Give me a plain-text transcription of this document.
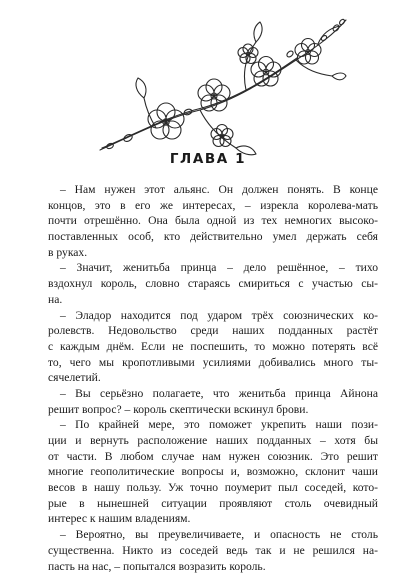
ГЛАВА 1
– Нам нужен этот альянс. Он должен понять. В конце
концов, это в его же интересах, – изрекла королева-мать
почти отрешённо. Она была одной из тех немногих высоко-
поставленных особ, кто действительно умел держать себя
в руках.
– Значит, женитьба принца – дело решённое, – тихо
вздохнул король, словно стараясь смириться с участью сы-
на.
– Эладор находится под ударом трёх союзнических ко-
ролевств. Недовольство среди наших подданных растёт
с каждым днём. Если не поспешить, то можно потерять всё
то, чего мы кропотливыми усилиями добивались много ты-
сячелетий.
– Вы серьёзно полагаете, что женитьба принца Айнона
решит вопрос? – король скептически вскинул брови.
– По крайней мере, это поможет укрепить наши пози-
ции и вернуть расположение наших подданных – хотя бы
от части. В любом случае нам нужен союзник. Это решит
многие геополитические вопросы и, возможно, склонит чаши
весов в нашу пользу. Уж точно поумерит пыл соседей, кото-
рые в нынешней ситуации проявляют столь очевидный
интерес к нашим владениям.
– Вероятно, вы преувеличиваете, и опасность не столь
существенна. Никто из соседей ведь так и не решился на-
пасть на нас, – попытался возразить король.
